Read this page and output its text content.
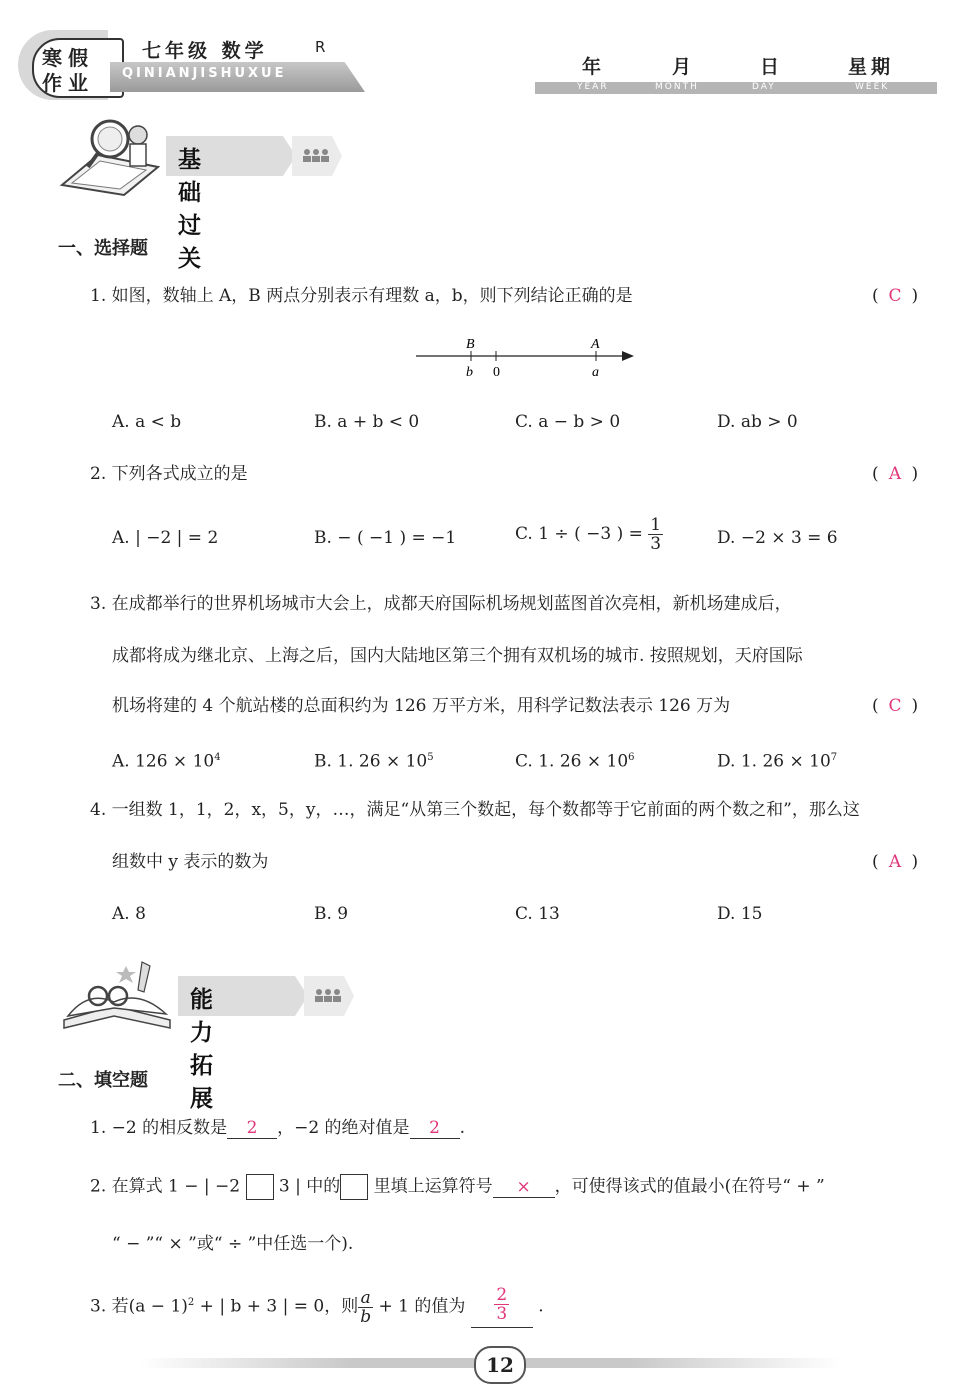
寒假
作业
七年级 数学	R
QINIANJISHUXUE	年	月	日	星期
YEAR	MONTH	DAY	WEEK
基础过关
一、选择题
1. 如图，数轴上 A，B 两点分别表示有理数 a，b，则下列结论正确的是	( C )
B	A
b 0	a
A. a < b	B. a + b < 0	C. a − b > 0	D. ab > 0
2. 下列各式成立的是	( A )
A. | −2 | = 2	B. − ( −1 ) = −1	C. 1 ÷ ( −3 ) = $\frac{1}{3}$	D. −2 × 3 = 6
3. 在成都举行的世界机场城市大会上，成都天府国际机场规划蓝图首次亮相，新机场建成后，
成都将成为继北京、上海之后，国内大陆地区第三个拥有双机场的城市. 按照规划，天府国际
机场将建的 4 个航站楼的总面积约为 126 万平方米，用科学记数法表示 126 万为	( C )
A. $126 \times 10^4$	B. 1. $26 \times 10^5$	C. 1. $26 \times 10^6$	D. 1. $26 \times 10^7$
4. 一组数 1，1，2，x，5，y，…，满足“从第三个数起，每个数都等于它前面的两个数之和”，那么这
组数中 y 表示的数为	( A )
A. 8	B. 9	C. 13	D. 15
能力拓展
二、填空题
1. −2 的相反数是 2 ，−2 的绝对值是 2 .
2. 在算式 1 − | −2 3 | 中的 里填上运算符号 × ，可使得该式的值最小(在符号“ + ”
“ − ”“ × ”或“ ÷ ”中任选一个).
3. 若$(a - 1)^2$ + | b + 3 | = 0，则 $\frac{a}{b} + 1$ 的值为 $\frac{2}{3}$ .
12
